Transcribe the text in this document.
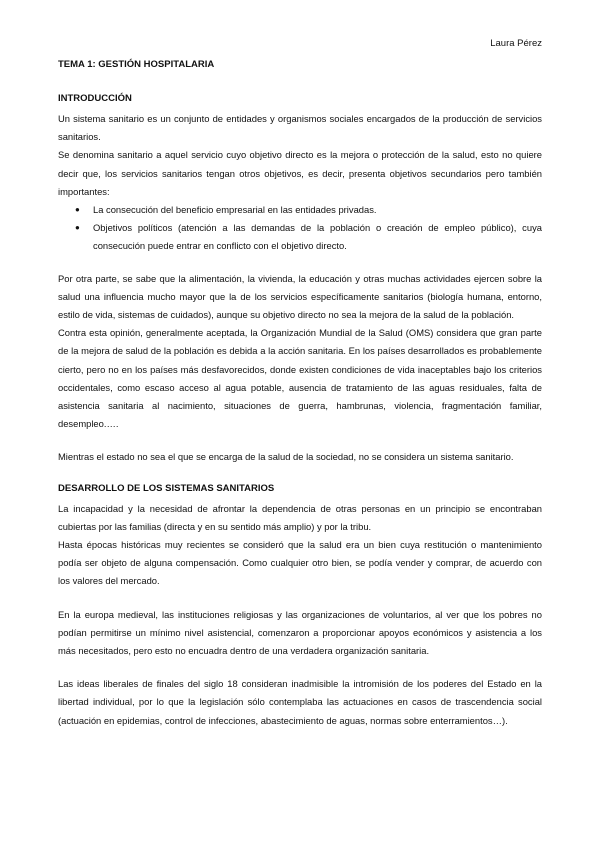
Laura Pérez

TEMA 1: GESTIÓN HOSPITALARIA
INTRODUCCIÓN

Un sistema sanitario es un conjunto de entidades y organismos sociales encargados de la producción de servicios sanitarios.

Se denomina sanitario a aquel servicio cuyo objetivo directo es la mejora o protección de la salud, esto no quiere decir que, los servicios sanitarios tengan otros objetivos, es decir, presenta objetivos secundarios pero también importantes:

● La consecución del beneficio empresarial en las entidades privadas.
● Objetivos políticos (atención a las demandas de la población o creación de empleo público), cuya consecución puede entrar en conflicto con el objetivo directo.

Por otra parte, se sabe que la alimentación, la vivienda, la educación y otras muchas actividades ejercen sobre la salud una influencia mucho mayor que la de los servicios específicamente sanitarios (biología humana, entorno, estilo de vida, sistemas de cuidados), aunque su objetivo directo no sea la mejora de la salud de la población.

Contra esta opinión, generalmente aceptada, la Organización Mundial de la Salud (OMS) considera que gran parte de la mejora de salud de la población es debida a la acción sanitaria. En los países desarrollados es probablemente cierto, pero no en los países más desfavorecidos, donde existen condiciones de vida inaceptables bajo los criterios occidentales, como escaso acceso al agua potable, ausencia de tratamiento de las aguas residuales, falta de asistencia sanitaria al nacimiento, situaciones de guerra, hambrunas, violencia, fragmentación familiar, desempleo.….

Mientras el estado no sea el que se encarga de la salud de la sociedad, no se considera un sistema sanitario.

DESARROLLO DE LOS SISTEMAS SANITARIOS

La incapacidad y la necesidad de afrontar la dependencia de otras personas en un principio se encontraban cubiertas por las familias (directa y en su sentido más amplio) y por la tribu.

Hasta épocas históricas muy recientes se consideró que la salud era un bien cuya restitución o mantenimiento podía ser objeto de alguna compensación. Como cualquier otro bien, se podía vender y comprar, de acuerdo con los valores del mercado.

En la europa medieval, las instituciones religiosas y las organizaciones de voluntarios, al ver que los pobres no podían permitirse un mínimo nivel asistencial, comenzaron a proporcionar apoyos económicos y asistencia a los más necesitados, pero esto no encuadra dentro de una verdadera organización sanitaria.

Las ideas liberales de finales del siglo 18 consideran inadmisible la intromisión de los poderes del Estado en la libertad individual, por lo que la legislación sólo contemplaba las actuaciones en casos de trascendencia social (actuación en epidemias, control de infecciones, abastecimiento de aguas, normas sobre enterramientos…).
